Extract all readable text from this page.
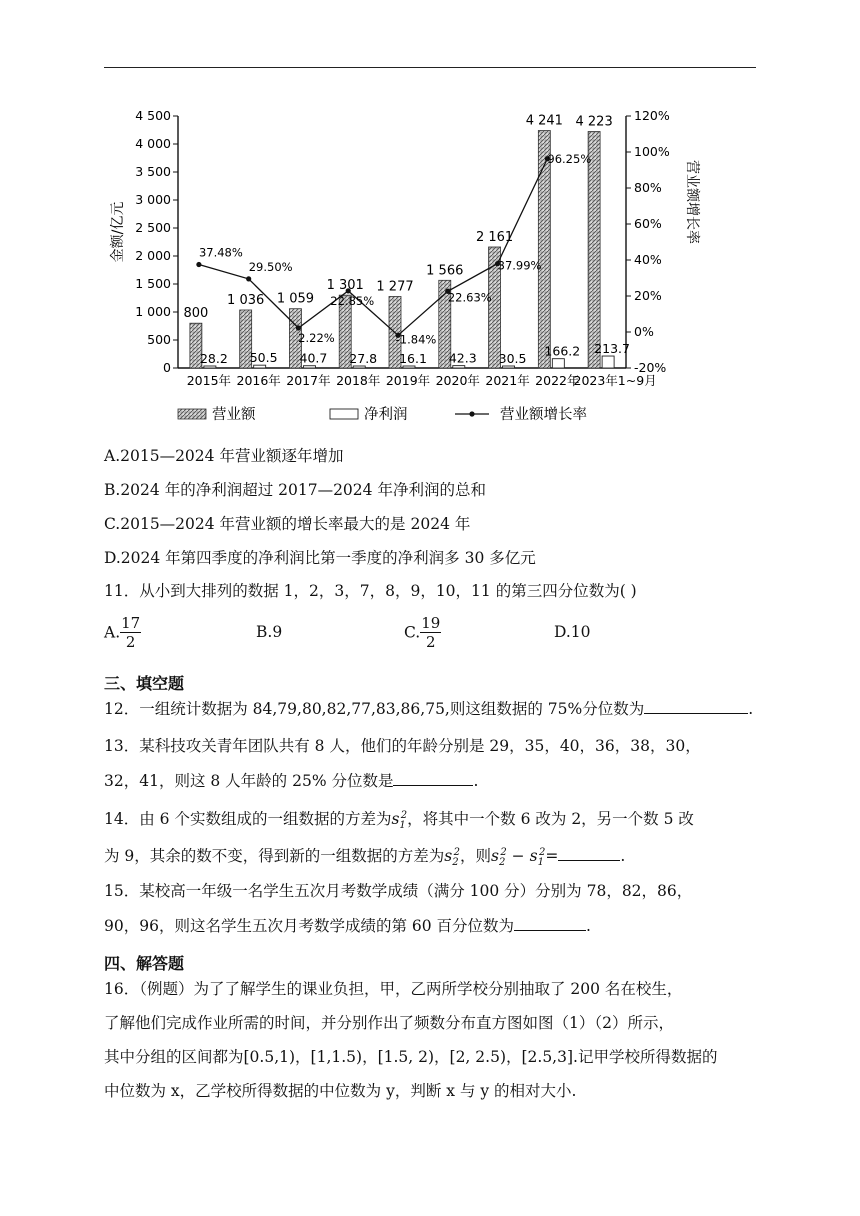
0
500
1 000
1 500
2 000
2 500
3 000
3 500
4 000
4 500
-20%
0%
20%
40%
60%
80%
100%
120%
金额/亿元	营业额增长率
2015年 2016年 2017年 2018年 2019年 2020年 2021年 2022年
2023年1~9月
800
1 036 1 059
1 301 1 277
1 566
2 161
4 241 4 223
28.2 50.5 40.7 27.8 16.1 42.3 30.5 166.2 213.7
37.48%
29.50%
2.22%
22.85%
-1.84%
22.63%
37.99%
96.25%
营业额	净利润	营业额增长率
A.2015—2024 年营业额逐年增加
B.2024 年的净利润超过 2017—2024 年净利润的总和
C.2015—2024 年营业额的增长率最大的是 2024 年
D.2024 年第四季度的净利润比第一季度的净利润多 30 多亿元
11．从小到大排列的数据 1，2，3，7，8，9，10，11 的第三四分位数为( )
A. $\frac{17}{2}$	B.9	C. $\frac{19}{2}$	D.10
三、填空题
12．一组统计数据为 84,79,80,82,77,83,86,75,则这组数据的 75%分位数为	.
13．某科技攻关青年团队共有 8 人，他们的年龄分别是 29，35，40，36，38，30，
32，41，则这 8 人年龄的 25% 分位数是	.
14．由 6 个实数组成的一组数据的方差为$s_1^2$，将其中一个数 6 改为 2，另一个数 5 改
为 9，其余的数不变，得到新的一组数据的方差为$s_2^2$，则$s_2^2 - s_1^2=$	.
15．某校高一年级一名学生五次月考数学成绩（满分 100 分）分别为 78，82，86，
90，96，则这名学生五次月考数学成绩的第 60 百分位数为	.
四、解答题
16．（例题）为了了解学生的课业负担，甲，乙两所学校分别抽取了 200 名在校生，
了解他们完成作业所需的时间，并分别作出了频数分布直方图如图（1）（2）所示，
其中分组的区间都为[0.5,1)，[1,1.5)，[1.5, 2)，[2, 2.5)，[2.5,3].记甲学校所得数据的
中位数为 x，乙学校所得数据的中位数为 y，判断 x 与 y 的相对大小.
